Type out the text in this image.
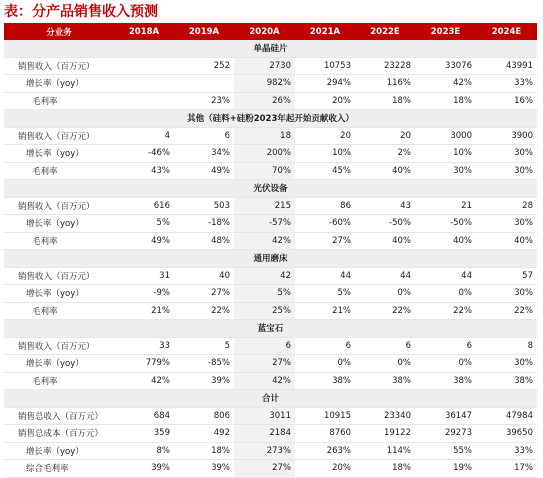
表：分产品销售收入预测
分业务	2018A	2019A	2020A	2021A	2022E	2023E	2024E
单晶硅片							
销售收入（百万元）		252	2730	10753	23228	33076	43991
增长率（yoy）			982%	294%	116%	42%	33%
毛利率		23%	26%	20%	18%	18%	16%
其他（硅料+硅粉2023年起开始贡献收入）							
销售收入（百万元）	4	6	18	20	20	3000	3900
增长率（yoy）	-46%	34%	200%	10%	2%	10%	30%
毛利率	43%	49%	70%	45%	40%	30%	30%
光伏设备							
销售收入（百万元）	616	503	215	86	43	21	28
增长率（yoy）	5%	-18%	-57%	-60%	-50%	-50%	30%
毛利率	49%	48%	42%	27%	40%	40%	40%
通用磨床							
销售收入（百万元）	31	40	42	44	44	44	57
增长率（yoy）	-9%	27%	5%	5%	0%	0%	30%
毛利率	21%	22%	25%	21%	22%	22%	22%
蓝宝石							
销售收入（百万元）	33	5	6	6	6	6	8
增长率（yoy）	779%	-85%	27%	0%	0%	0%	30%
毛利率	42%	39%	42%	38%	38%	38%	38%
合计							
销售总收入（百万元）	684	806	3011	10915	23340	36147	47984
销售总成本（百万元）	359	492	2184	8760	19122	29273	39650
增长率（yoy）	8%	18%	273%	263%	114%	55%	33%
综合毛利率	39%	39%	27%	20%	18%	19%	17%
